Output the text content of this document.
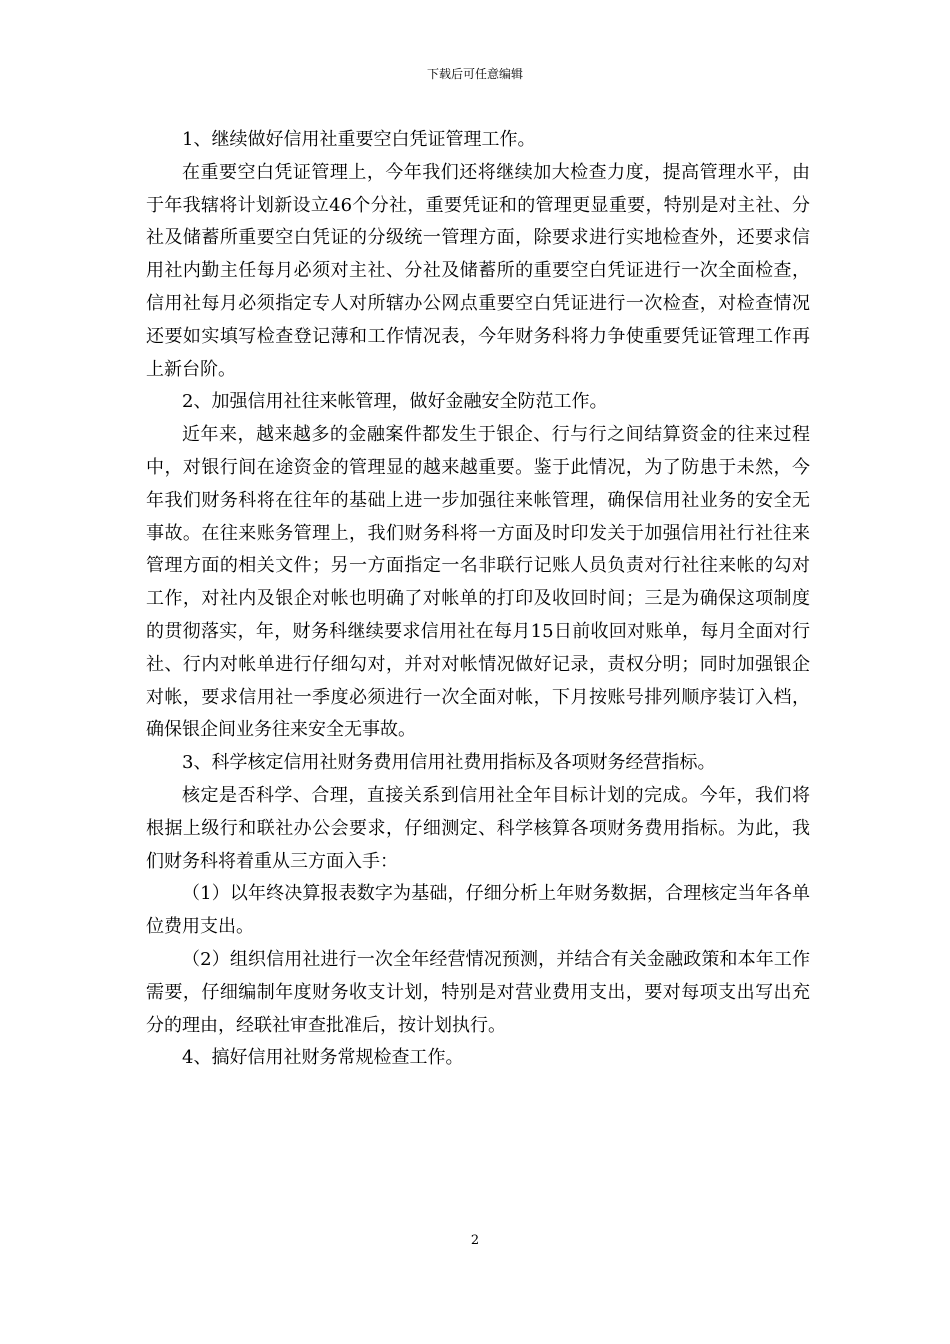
下载后可任意编辑

1、继续做好信用社重要空白凭证管理工作。

在重要空白凭证管理上，今年我们还将继续加大检查力度，提高管理水平，由于年我辖将计划新设立46个分社，重要凭证和的管理更显重要，特别是对主社、分社及储蓄所重要空白凭证的分级统一管理方面，除要求进行实地检查外，还要求信用社内勤主任每月必须对主社、分社及储蓄所的重要空白凭证进行一次全面检查，信用社每月必须指定专人对所辖办公网点重要空白凭证进行一次检查，对检查情况还要如实填写检查登记薄和工作情况表，今年财务科将力争使重要凭证管理工作再上新台阶。

2、加强信用社往来帐管理，做好金融安全防范工作。

近年来，越来越多的金融案件都发生于银企、行与行之间结算资金的往来过程中，对银行间在途资金的管理显的越来越重要。鉴于此情况，为了防患于未然，今年我们财务科将在往年的基础上进一步加强往来帐管理，确保信用社业务的安全无事故。在往来账务管理上，我们财务科将一方面及时印发关于加强信用社行社往来管理方面的相关文件；另一方面指定一名非联行记账人员负责对行社往来帐的勾对工作，对社内及银企对帐也明确了对帐单的打印及收回时间；三是为确保这项制度的贯彻落实，年，财务科继续要求信用社在每月15日前收回对账单，每月全面对行社、行内对帐单进行仔细勾对，并对对帐情况做好记录，责权分明；同时加强银企对帐，要求信用社一季度必须进行一次全面对帐，下月按账号排列顺序装订入档，确保银企间业务往来安全无事故。

3、科学核定信用社财务费用信用社费用指标及各项财务经营指标。

核定是否科学、合理，直接关系到信用社全年目标计划的完成。今年，我们将根据上级行和联社办公会要求，仔细测定、科学核算各项财务费用指标。为此，我们财务科将着重从三方面入手：

（1）以年终决算报表数字为基础，仔细分析上年财务数据，合理核定当年各单位费用支出。

（2）组织信用社进行一次全年经营情况预测，并结合有关金融政策和本年工作需要，仔细编制年度财务收支计划，特别是对营业费用支出，要对每项支出写出充分的理由，经联社审查批准后，按计划执行。

4、搞好信用社财务常规检查工作。

2
